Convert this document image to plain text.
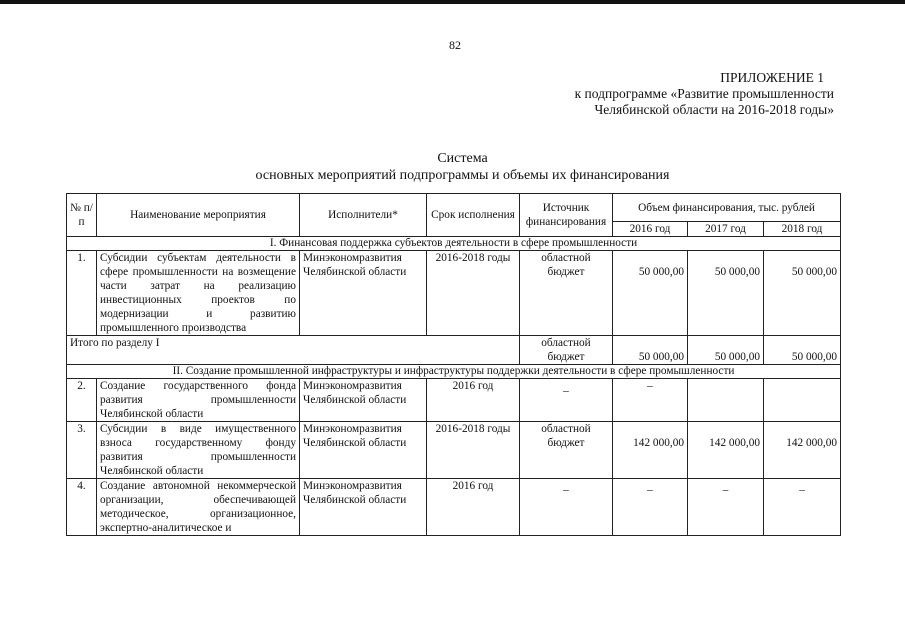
82
ПРИЛОЖЕНИЕ 1
к подпрограмме «Развитие промышленности
Челябинской области на 2016-2018 годы»
Система
основных мероприятий подпрограммы и объемы их финансирования
№ п/п	Наименование мероприятия	Исполнители*	Срок исполнения	Источник финансирования	Объем финансирования, тыс. рублей		
					2016 год	2017 год	2018 год
I. Финансовая поддержка субъектов деятельности в сфере промышленности							
1.	Субсидии субъектам деятельности в сфере промышленности на возмещение части затрат на реализацию инвестиционных проектов по модернизации и развитию промышленного производства	Минэкономразвития Челябинской области	2016-2018 годы	областной бюджет	50 000,00	50 000,00	50 000,00
Итого по разделу I				областной бюджет	50 000,00	50 000,00	50 000,00
II. Создание промышленной инфраструктуры и инфраструктуры поддержки деятельности в сфере промышленности							
2.	Создание государственного фонда развития промышленности Челябинской области	Минэкономразвития Челябинской области	2016 год	–	–		
3.	Субсидии в виде имущественного взноса государственному фонду развития промышленности Челябинской области	Минэкономразвития Челябинской области	2016-2018 годы	областной бюджет	142 000,00	142 000,00	142 000,00
4.	Создание автономной некоммерческой организации, обеспечивающей методическое, организационное, экспертно-аналитическое и	Минэкономразвития Челябинской области	2016 год	–	–	–	–
